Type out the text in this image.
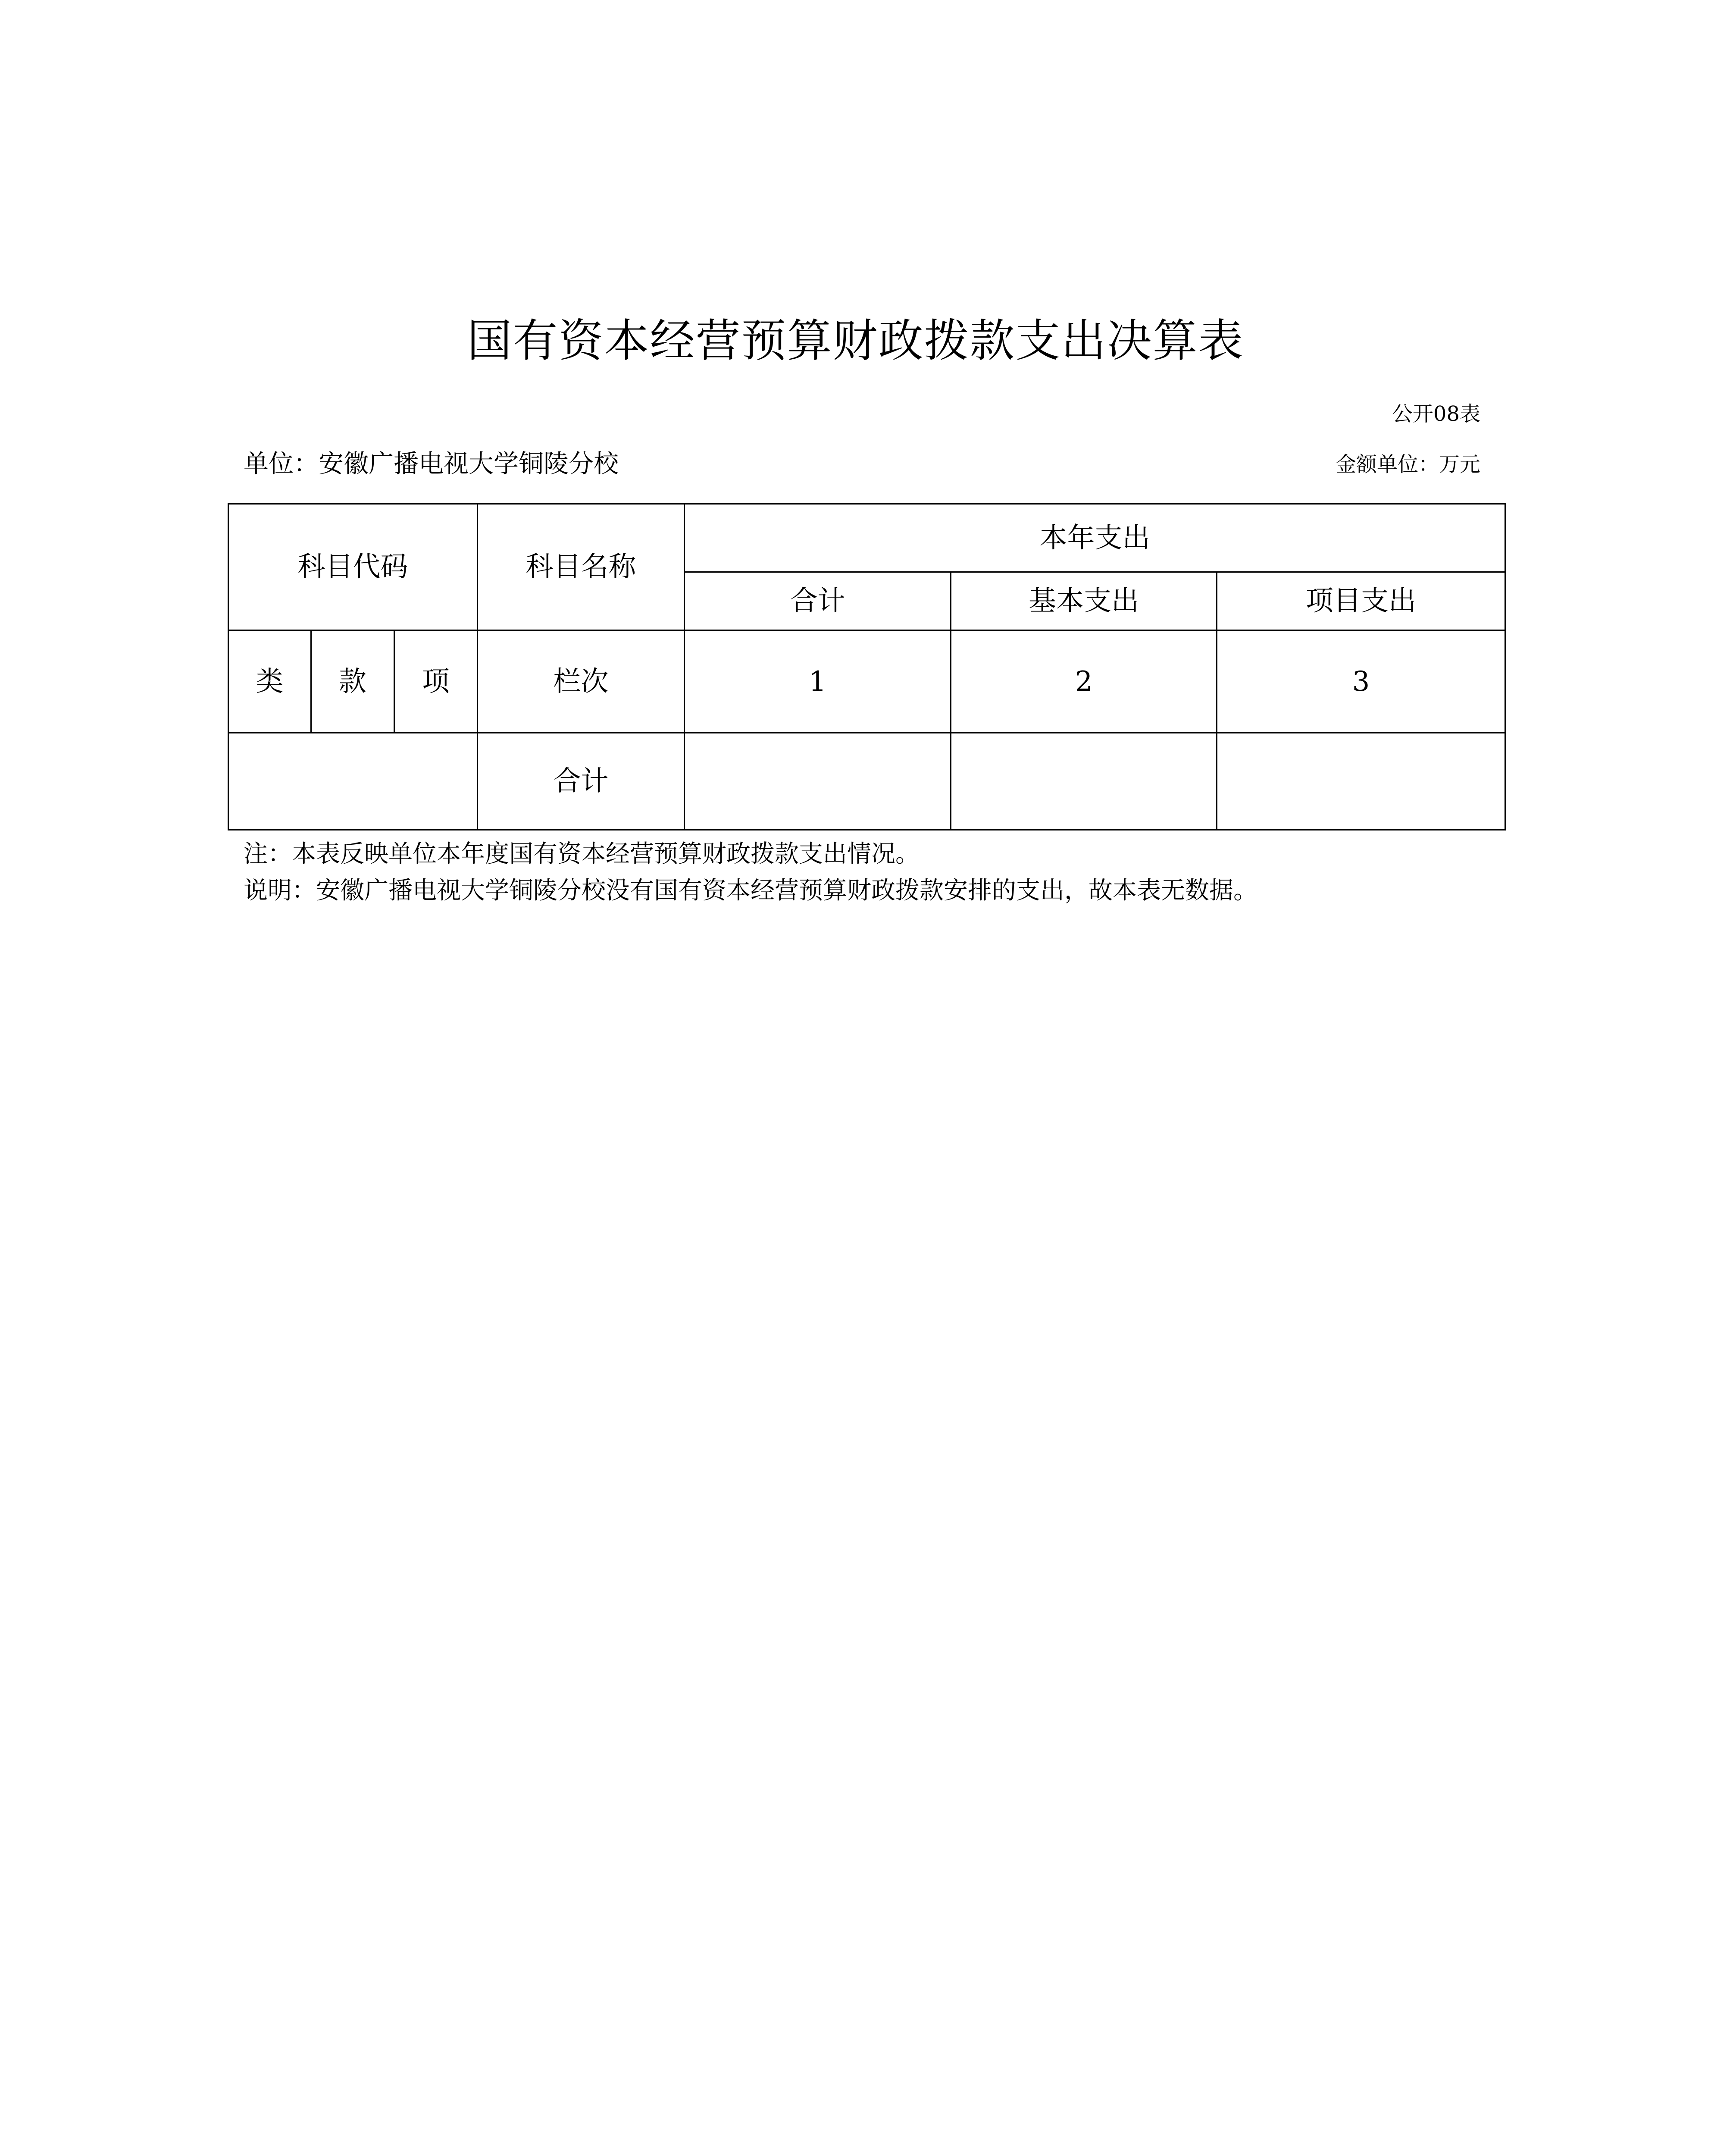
国有资本经营预算财政拨款支出决算表
公开08表
单位：安徽广播电视大学铜陵分校	金额单位：万元
科目代码			科目名称	本年支出		
				合计	基本支出	项目支出
类	款	项	栏次	1	2	3
			合计			
注：本表反映单位本年度国有资本经营预算财政拨款支出情况。
说明：安徽广播电视大学铜陵分校没有国有资本经营预算财政拨款安排的支出，故本表无数据。
